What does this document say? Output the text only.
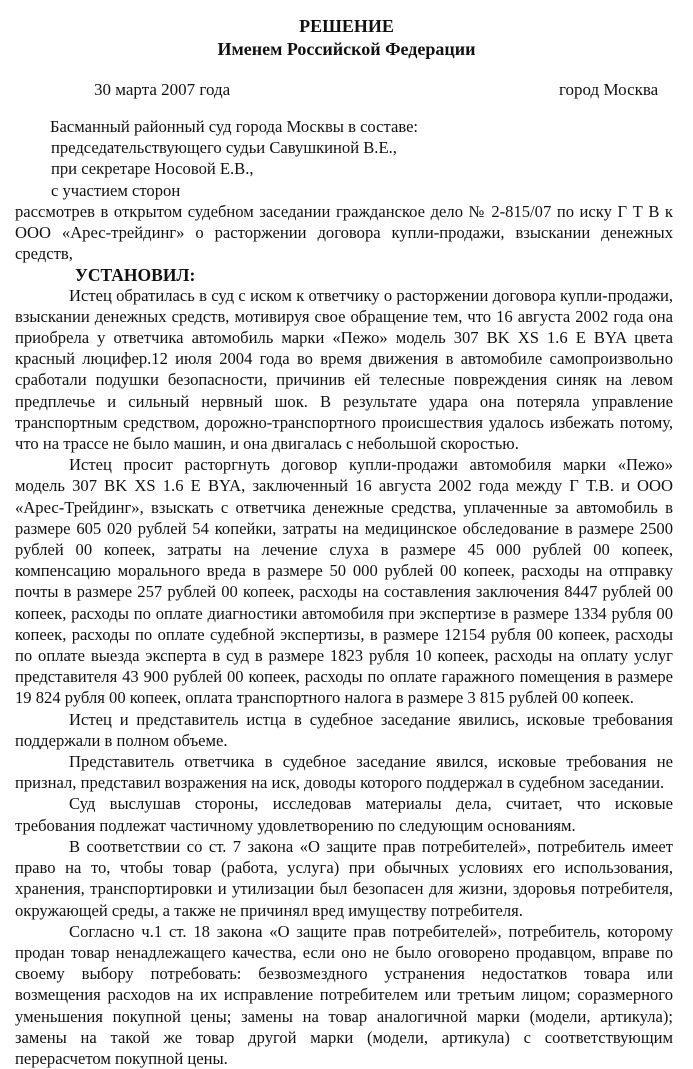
РЕШЕНИЕ
Именем Российской Федерации
30 марта 2007 года	город Москва
Басманный районный суд города Москвы в составе:
председательствующего судьи Савушкиной В.Е.,
при секретаре Носовой Е.В.,
с участием сторон

рассмотрев в открытом судебном заседании гражданское дело № 2-815/07 по иску Г Т В к ООО «Арес-трейдинг» о расторжении договора купли-продажи, взыскании денежных средств,

УСТАНОВИЛ:

Истец обратилась в суд с иском к ответчику о расторжении договора купли-продажи, взыскании денежных средств, мотивируя свое обращение тем, что 16 августа 2002 года она приобрела у ответчика автомобиль марки «Пежо» модель 307 BK XS 1.6 E BYA цвета красный люцифер.12 июля 2004 года во время движения в автомобиле самопроизвольно сработали подушки безопасности, причинив ей телесные повреждения синяк на левом предплечье и сильный нервный шок. В результате удара она потеряла управление транспортным средством, дорожно-транспортного происшествия удалось избежать потому, что на трассе не было машин, и она двигалась с небольшой скоростью.

Истец просит расторгнуть договор купли-продажи автомобиля марки «Пежо» модель 307 BK XS 1.6 E BYA, заключенный 16 августа 2002 года между Г Т.В. и ООО «Арес-Трейдинг», взыскать с ответчика денежные средства, уплаченные за автомобиль в размере 605 020 рублей 54 копейки, затраты на медицинское обследование в размере 2500 рублей 00 копеек, затраты на лечение слуха в размере 45 000 рублей 00 копеек, компенсацию морального вреда в размере 50 000 рублей 00 копеек, расходы на отправку почты в размере 257 рублей 00 копеек, расходы на составления заключения 8447 рублей 00 копеек, расходы по оплате диагностики автомобиля при экспертизе в размере 1334 рубля 00 копеек, расходы по оплате судебной экспертизы, в размере 12154 рубля 00 копеек, расходы по оплате выезда эксперта в суд в размере 1823 рубля 10 копеек, расходы на оплату услуг представителя 43 900 рублей 00 копеек, расходы по оплате гаражного помещения в размере 19 824 рубля 00 копеек, оплата транспортного налога в размере 3 815 рублей 00 копеек.

Истец и представитель истца в судебное заседание явились, исковые требования поддержали в полном объеме.

Представитель ответчика в судебное заседание явился, исковые требования не признал, представил возражения на иск, доводы которого поддержал в судебном заседании.

Суд выслушав стороны, исследовав материалы дела, считает, что исковые требования подлежат частичному удовлетворению по следующим основаниям.

В соответствии со ст. 7 закона «О защите прав потребителей», потребитель имеет право на то, чтобы товар (работа, услуга) при обычных условиях его использования, хранения, транспортировки и утилизации был безопасен для жизни, здоровья потребителя, окружающей среды, а также не причинял вред имуществу потребителя.

Согласно ч.1 ст. 18 закона «О защите прав потребителей», потребитель, которому продан товар ненадлежащего качества, если оно не было оговорено продавцом, вправе по своему выбору потребовать: безвозмездного устранения недостатков товара или возмещения расходов на их исправление потребителем или третьим лицом; соразмерного уменьшения покупной цены; замены на товар аналогичной марки (модели, артикула); замены на такой же товар другой марки (модели, артикула) с соответствующим перерасчетом покупной цены.
